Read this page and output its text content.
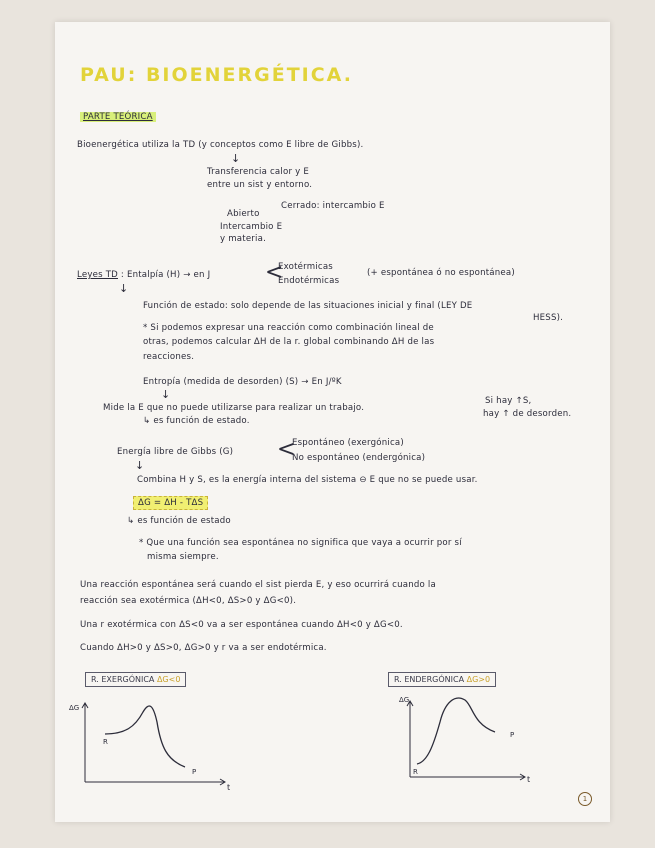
PAU: BIOENERGÉTICA.
PARTE TEÓRICA
Bioenergética utiliza la TD (y conceptos como E libre de Gibbs).
↓
Transferencia calor y E
entre un sist y entorno.
Abierto
Cerrado: intercambio E
Intercambio E
y materia.
Leyes TD : Entalpía (H) → en J <
Exotérmicas
Endotérmicas
(+ espontánea ó no espontánea)
↓
Función de estado: solo depende de las situaciones inicial y final (LEY DE
HESS).
* Si podemos expresar una reacción como combinación lineal de
otras, podemos calcular ΔH de la r. global combinando ΔH de las
reacciones.
Entropía (medida de desorden) (S) → En J/ºK
↓
Mide la E que no puede utilizarse para realizar un trabajo.
Si hay ↑S,
hay ↑ de desorden.
↳ es función de estado.
Energía libre de Gibbs (G) <
Espontáneo (exergónica)
No espontáneo (endergónica)
↓
Combina H y S, es la energía interna del sistema ⊖ E que no se puede usar.
ΔG = ΔH - TΔS
↳ es función de estado
* Que una función sea espontánea no significa que vaya a ocurrir por sí
misma siempre.
Una reacción espontánea será cuando el sist pierda E, y eso ocurrirá cuando la
reacción sea exotérmica (ΔH<0, ΔS>0 y ΔG<0).
Una r exotérmica con ΔS<0 va a ser espontánea cuando ΔH<0 y ΔG<0.
Cuando ΔH>0 y ΔS>0, ΔG>0 y r va a ser endotérmica.
R. EXERGÓNICA ΔG<0	R. ENDERGÓNICA ΔG>0
ΔG
t
R
P
ΔG
t
R
P
1
